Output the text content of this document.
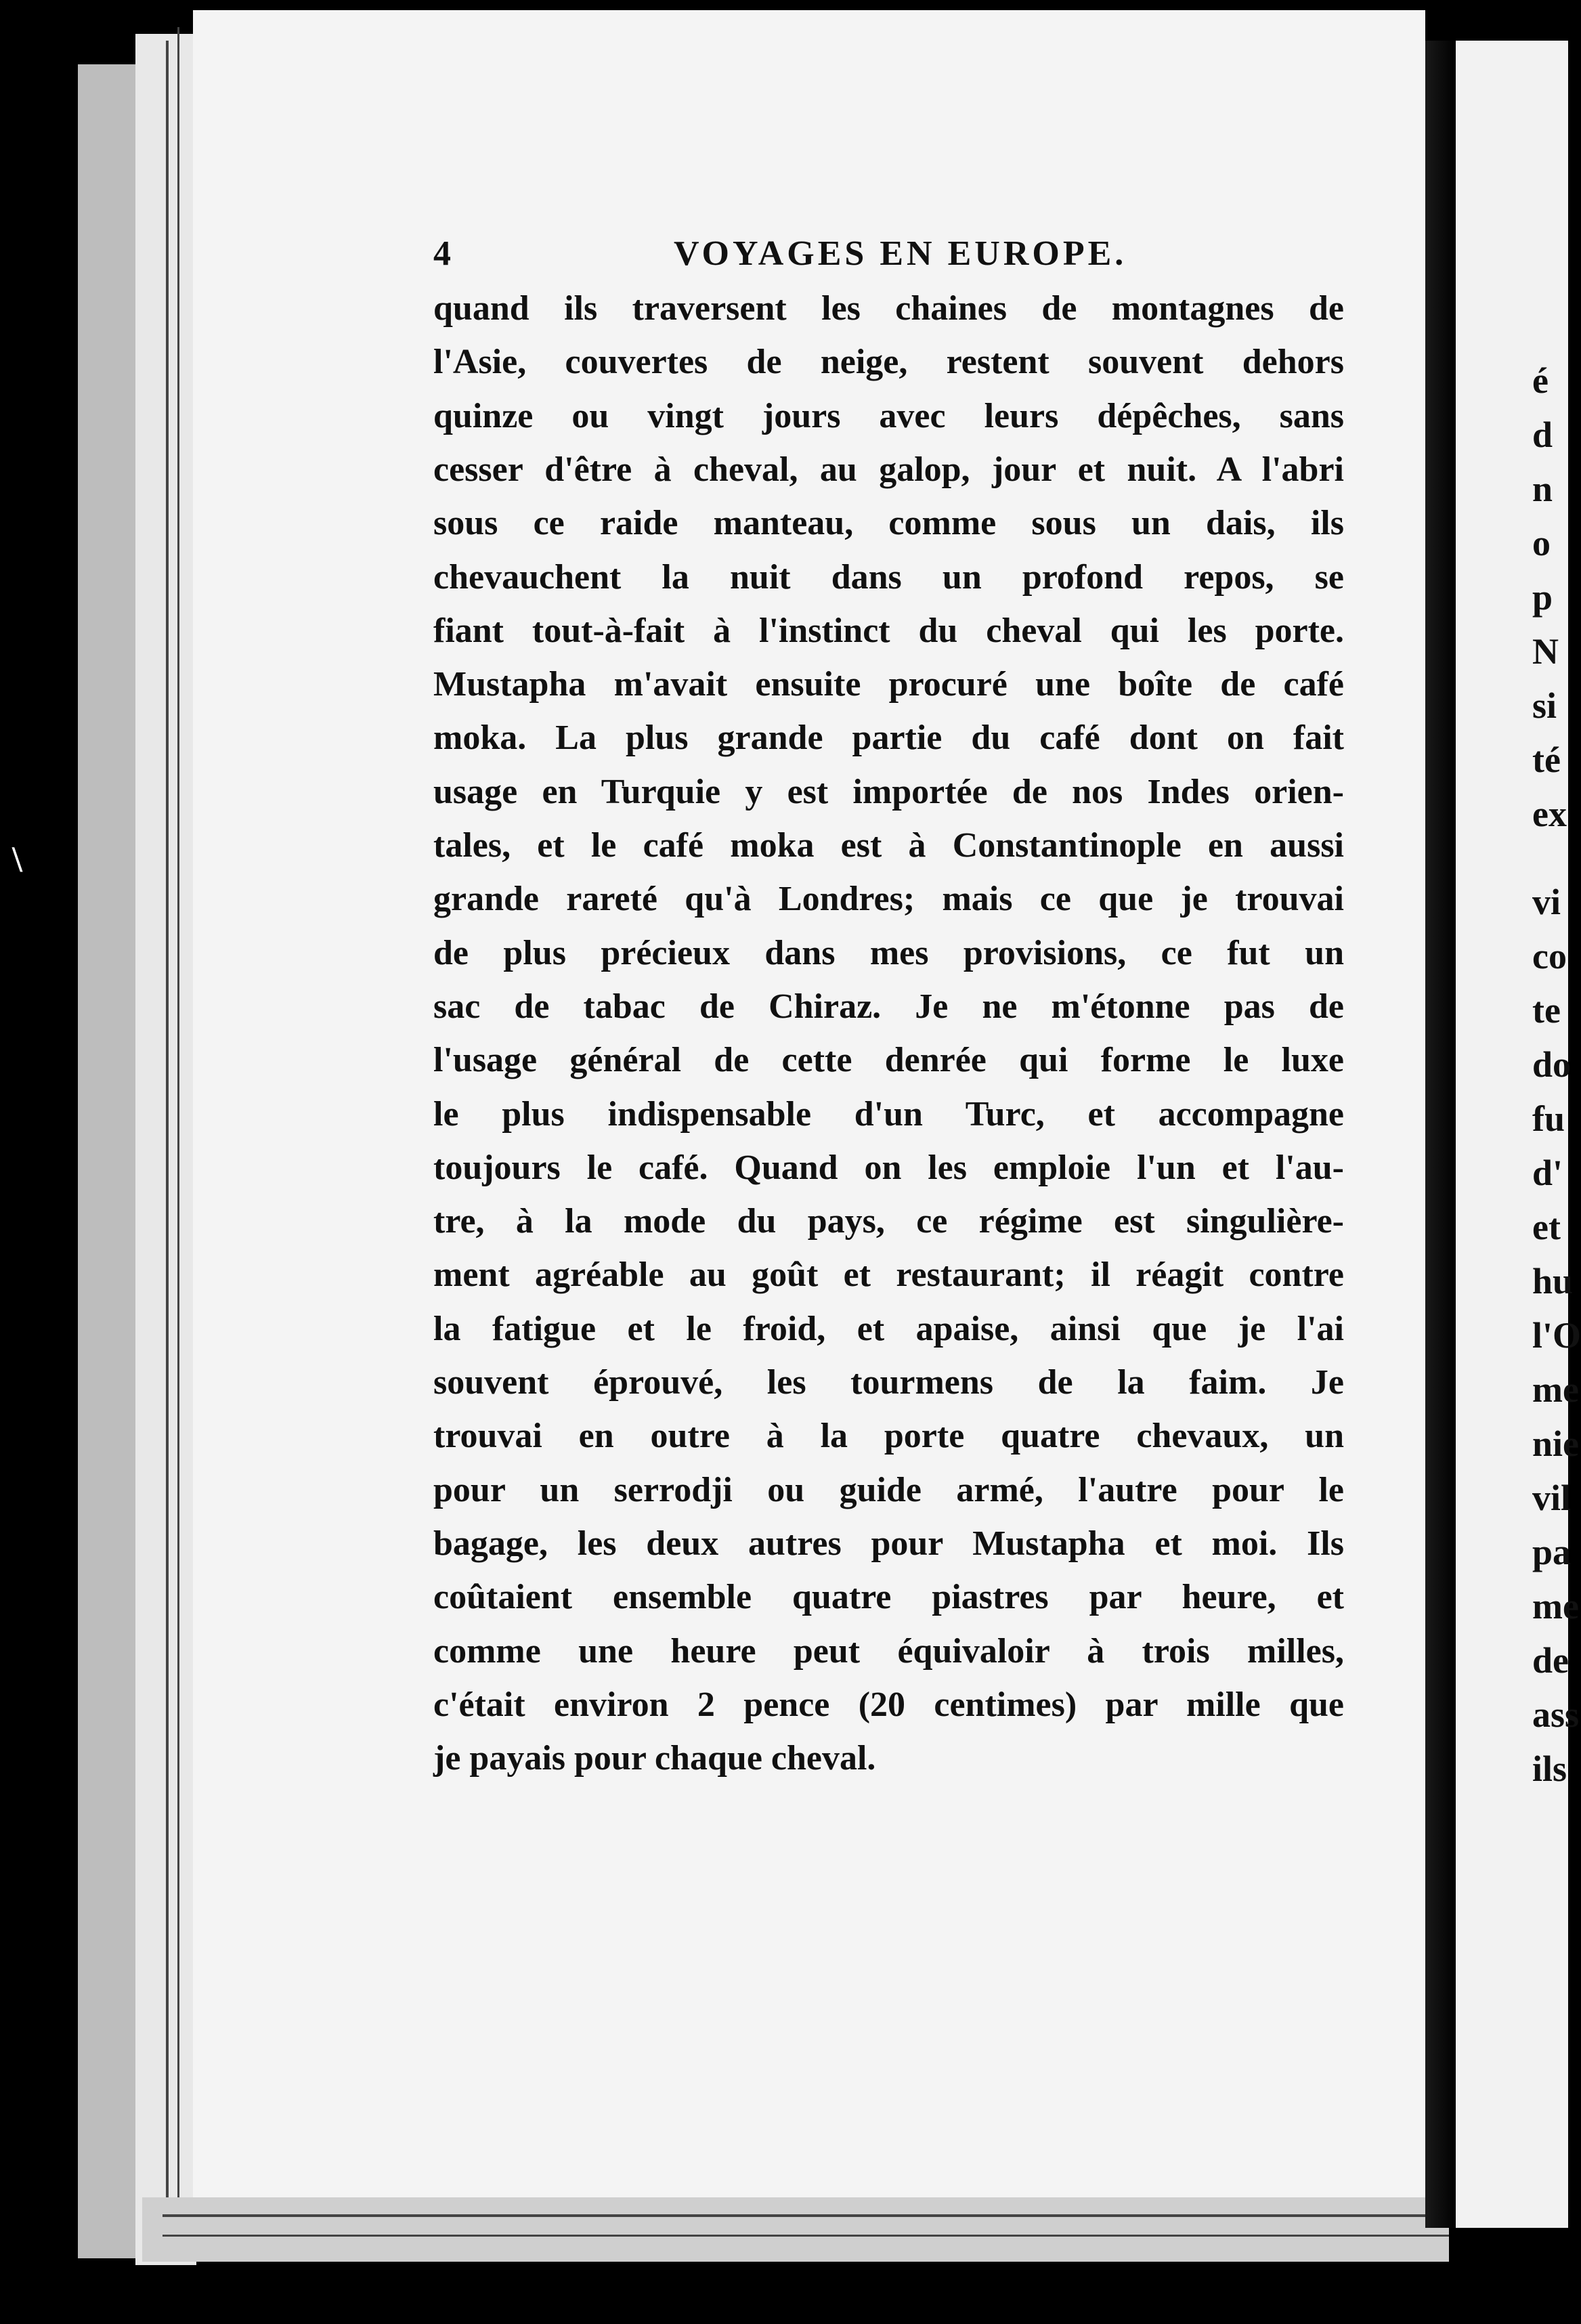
\
4	VOYAGES EN EUROPE.
quand ils traversent les chaines de montagnes de
l'Asie, couvertes de neige, restent souvent dehors
quinze ou vingt jours avec leurs dépêches, sans
cesser d'être à cheval, au galop, jour et nuit. A l'abri
sous ce raide manteau, comme sous un dais, ils
chevauchent la nuit dans un profond repos, se
fiant tout-à-fait à l'instinct du cheval qui les porte.
Mustapha m'avait ensuite procuré une boîte de café
moka. La plus grande partie du café dont on fait
usage en Turquie y est importée de nos Indes orien-
tales, et le café moka est à Constantinople en aussi
grande rareté qu'à Londres; mais ce que je trouvai
de plus précieux dans mes provisions, ce fut un
sac de tabac de Chiraz. Je ne m'étonne pas de
l'usage général de cette denrée qui forme le luxe
le plus indispensable d'un Turc, et accompagne
toujours le café. Quand on les emploie l'un et l'au-
tre, à la mode du pays, ce régime est singulière-
ment agréable au goût et restaurant; il réagit contre
la fatigue et le froid, et apaise, ainsi que je l'ai
souvent éprouvé, les tourmens de la faim. Je
trouvai en outre à la porte quatre chevaux, un
pour un serrodji ou guide armé, l'autre pour le
bagage, les deux autres pour Mustapha et moi. Ils
coûtaient ensemble quatre piastres par heure, et
comme une heure peut équivaloir à trois milles,
c'était environ 2 pence (20 centimes) par mille que
je payais pour chaque cheval.
é
d
n
o
p
N
si
té
ex
vi
co
te
do
fu
d'
et
hu
l'O
me
nie
vil
pa
me
de
ass
ils
